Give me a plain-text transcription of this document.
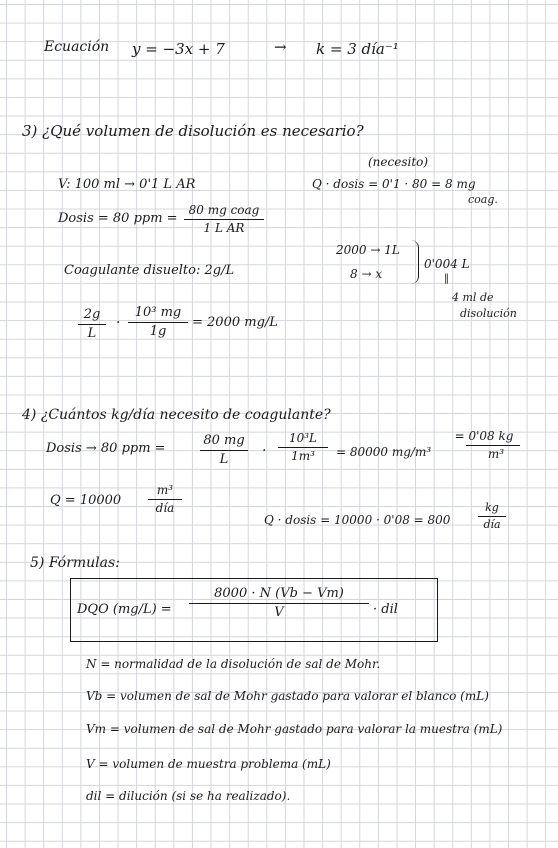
Ecuación y = −3x + 7	→ k = 3 día⁻¹
3) ¿Qué volumen de disolución es necesario?
V: 100 ml → 0'1 L AR
Dosis = 80 ppm =
80 mg coag
1 L AR
Coagulante disuelto: 2g/L
2g
L
·
10³ mg
1g
= 2000 mg/L
(necesito)
Q · dosis = 0'1 · 80 = 8 mg
coag.
2000 → 1L
8 → x
0'004 L
‖
4 ml de
disolución
4) ¿Cuántos kg/día necesito de coagulante?
Dosis → 80 ppm =
80 mg
L
·
10³L
1m³	= 80000 mg/m³
= 0'08 kg
m³
Q = 10000
m³
día
Q · dosis = 10000 · 0'08 = 800
kg
día
5) Fórmulas:
DQO (mg/L) =
8000 · N (Vb − Vm)
V	· dil
N = normalidad de la disolución de sal de Mohr.
Vb = volumen de sal de Mohr gastado para valorar el blanco (mL)
Vm = volumen de sal de Mohr gastado para valorar la muestra (mL)
V = volumen de muestra problema (mL)
dil = dilución (si se ha realizado).
